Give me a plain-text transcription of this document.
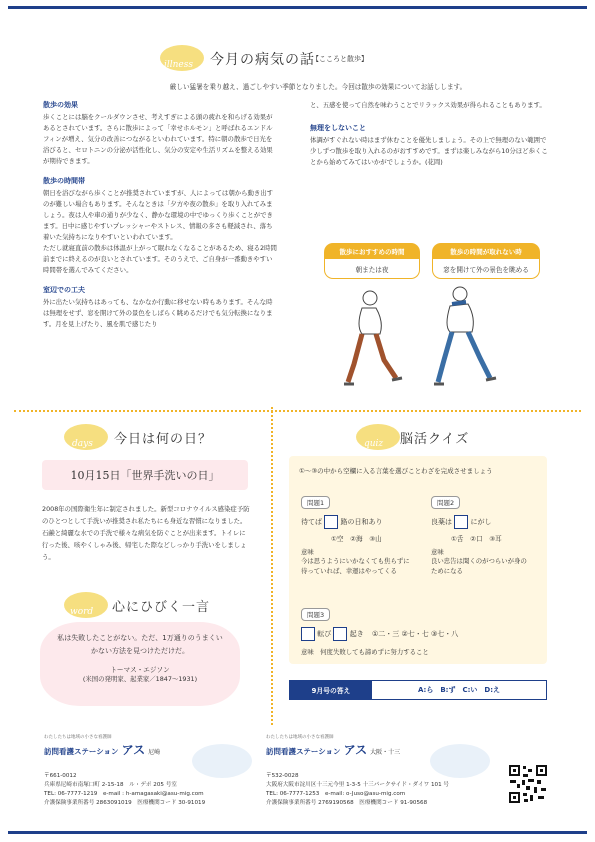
$_{illness}$ 今月の病気の話
【こころと散歩】
厳しい猛暑を乗り越え、過ごしやすい季節となりました。今回は散歩の効果についてお話しします。
散歩の効果
歩くことには脳をクールダウンさせ、考えすぎによる頭の疲れを和らげる効果があるとされています。さらに散歩によって「幸せホルモン」と呼ばれるエンドルフィンが増え、気分の改善につながるといわれています。特に朝の散歩で日光を浴びると、セロトニンの分泌が活性化し、気分の安定や生活リズムを整える効果が期待できます。
散歩の時間帯
朝日を浴びながら歩くことが推奨されていますが、人によっては朝から動き出すのが難しい場合もあります。そんなときは「夕方や夜の散歩」を取り入れてみましょう。夜は人や車の通りが少なく、静かな環境の中でゆっくり歩くことができます。日中に感じやすいプレッシャーやストレス、情報の多さも軽減され、落ち着いた気持ちになりやすいといわれています。
ただし就寝直前の散歩は体温が上がって眠れなくなることがあるため、寝る2時間前までに終えるのが良いとされています。そのうえで、ご自身が一番動きやすい時間帯を選んでみてください。
室辺での工夫
外に出たい気持ちはあっても、なかなか行動に移せない時もあります。そんな時は無理をせず、窓を開けて外の景色をしばらく眺めるだけでも気分転換になります。月を見上げたり、風を肌で感じたり
と、五感を使って自然を味わうことでリラックス効果が得られることもあります。
無理をしないこと
体調がすぐれない時はまず休むことを優先しましょう。その上で無理のない範囲で少しずつ散歩を取り入れるのがおすすめです。まずは楽しみながら10分ほど歩くことから始めてみてはいかがでしょうか。(花岡)
散歩におすすめの時間
朝または夜
散歩の時間が取れない時
窓を開けて外の景色を眺める
$_{days}$ 今日は何の日？
10月15日「世界手洗いの日」
2008年の国際衛生年に制定されました。新型コロナウイルス感染症予防のひとつとして手洗いが推奨され私たちにも身近な習慣になりました。石鹸と綺麗な水での手洗で様々な病気を防ぐことが出来ます。トイレに行った後、咳やくしゃみ後、帰宅した際などしっかり手洗いをしましょう。
$_{word}$ 心にひびく一言
私は失敗したことがない。ただ、1万通りのうまくいかない方法を見つけただけだ。
トーマス・エジソン
(米国の発明家、起業家／1847〜1931)
$_{quiz}$ 脳活クイズ
①〜③の中から空欄に入る言葉を選びことわざを完成させましょう
問題1
待てば	路の日和あり
①空　②海　③山
意味
今は思うようにいかなくても焦らずに待っていれば、幸運はやってくる
問題2
良薬は	にがし
①舌　②口　③耳
意味
良い忠告は聞くのがつらいが身のためになる
問題3
転び	起き ①二・三 ②七・七 ③七・八
意味　何度失敗しても諦めずに努力すること
9月号の答え	A:ら　B:ず　C:い　D:え
わたしたちは地域の小さな看護師
訪問看護ステーション アス 尼崎
〒661-0012
兵庫県尼崎市南塚口町 2-15-18　ル・デポ 205 号室
TEL: 06-7777-1219　e-mail : h-amagasaki@asu-mig.com
介護保険事業所番号 2863091019　医療機関コード 30-91019
わたしたちは地域の小さな看護師
訪問看護ステーション アス 大阪・十三
〒532-0028
大阪府大阪市淀川区十三元今里 1-3-5 十三パークサイド・ダイワ 101 号
TEL: 06-7777-1253　e-mail: o-Juso@asu-mig.com
介護保険事業所番号 2769190568　医療機関コード 91-90568
